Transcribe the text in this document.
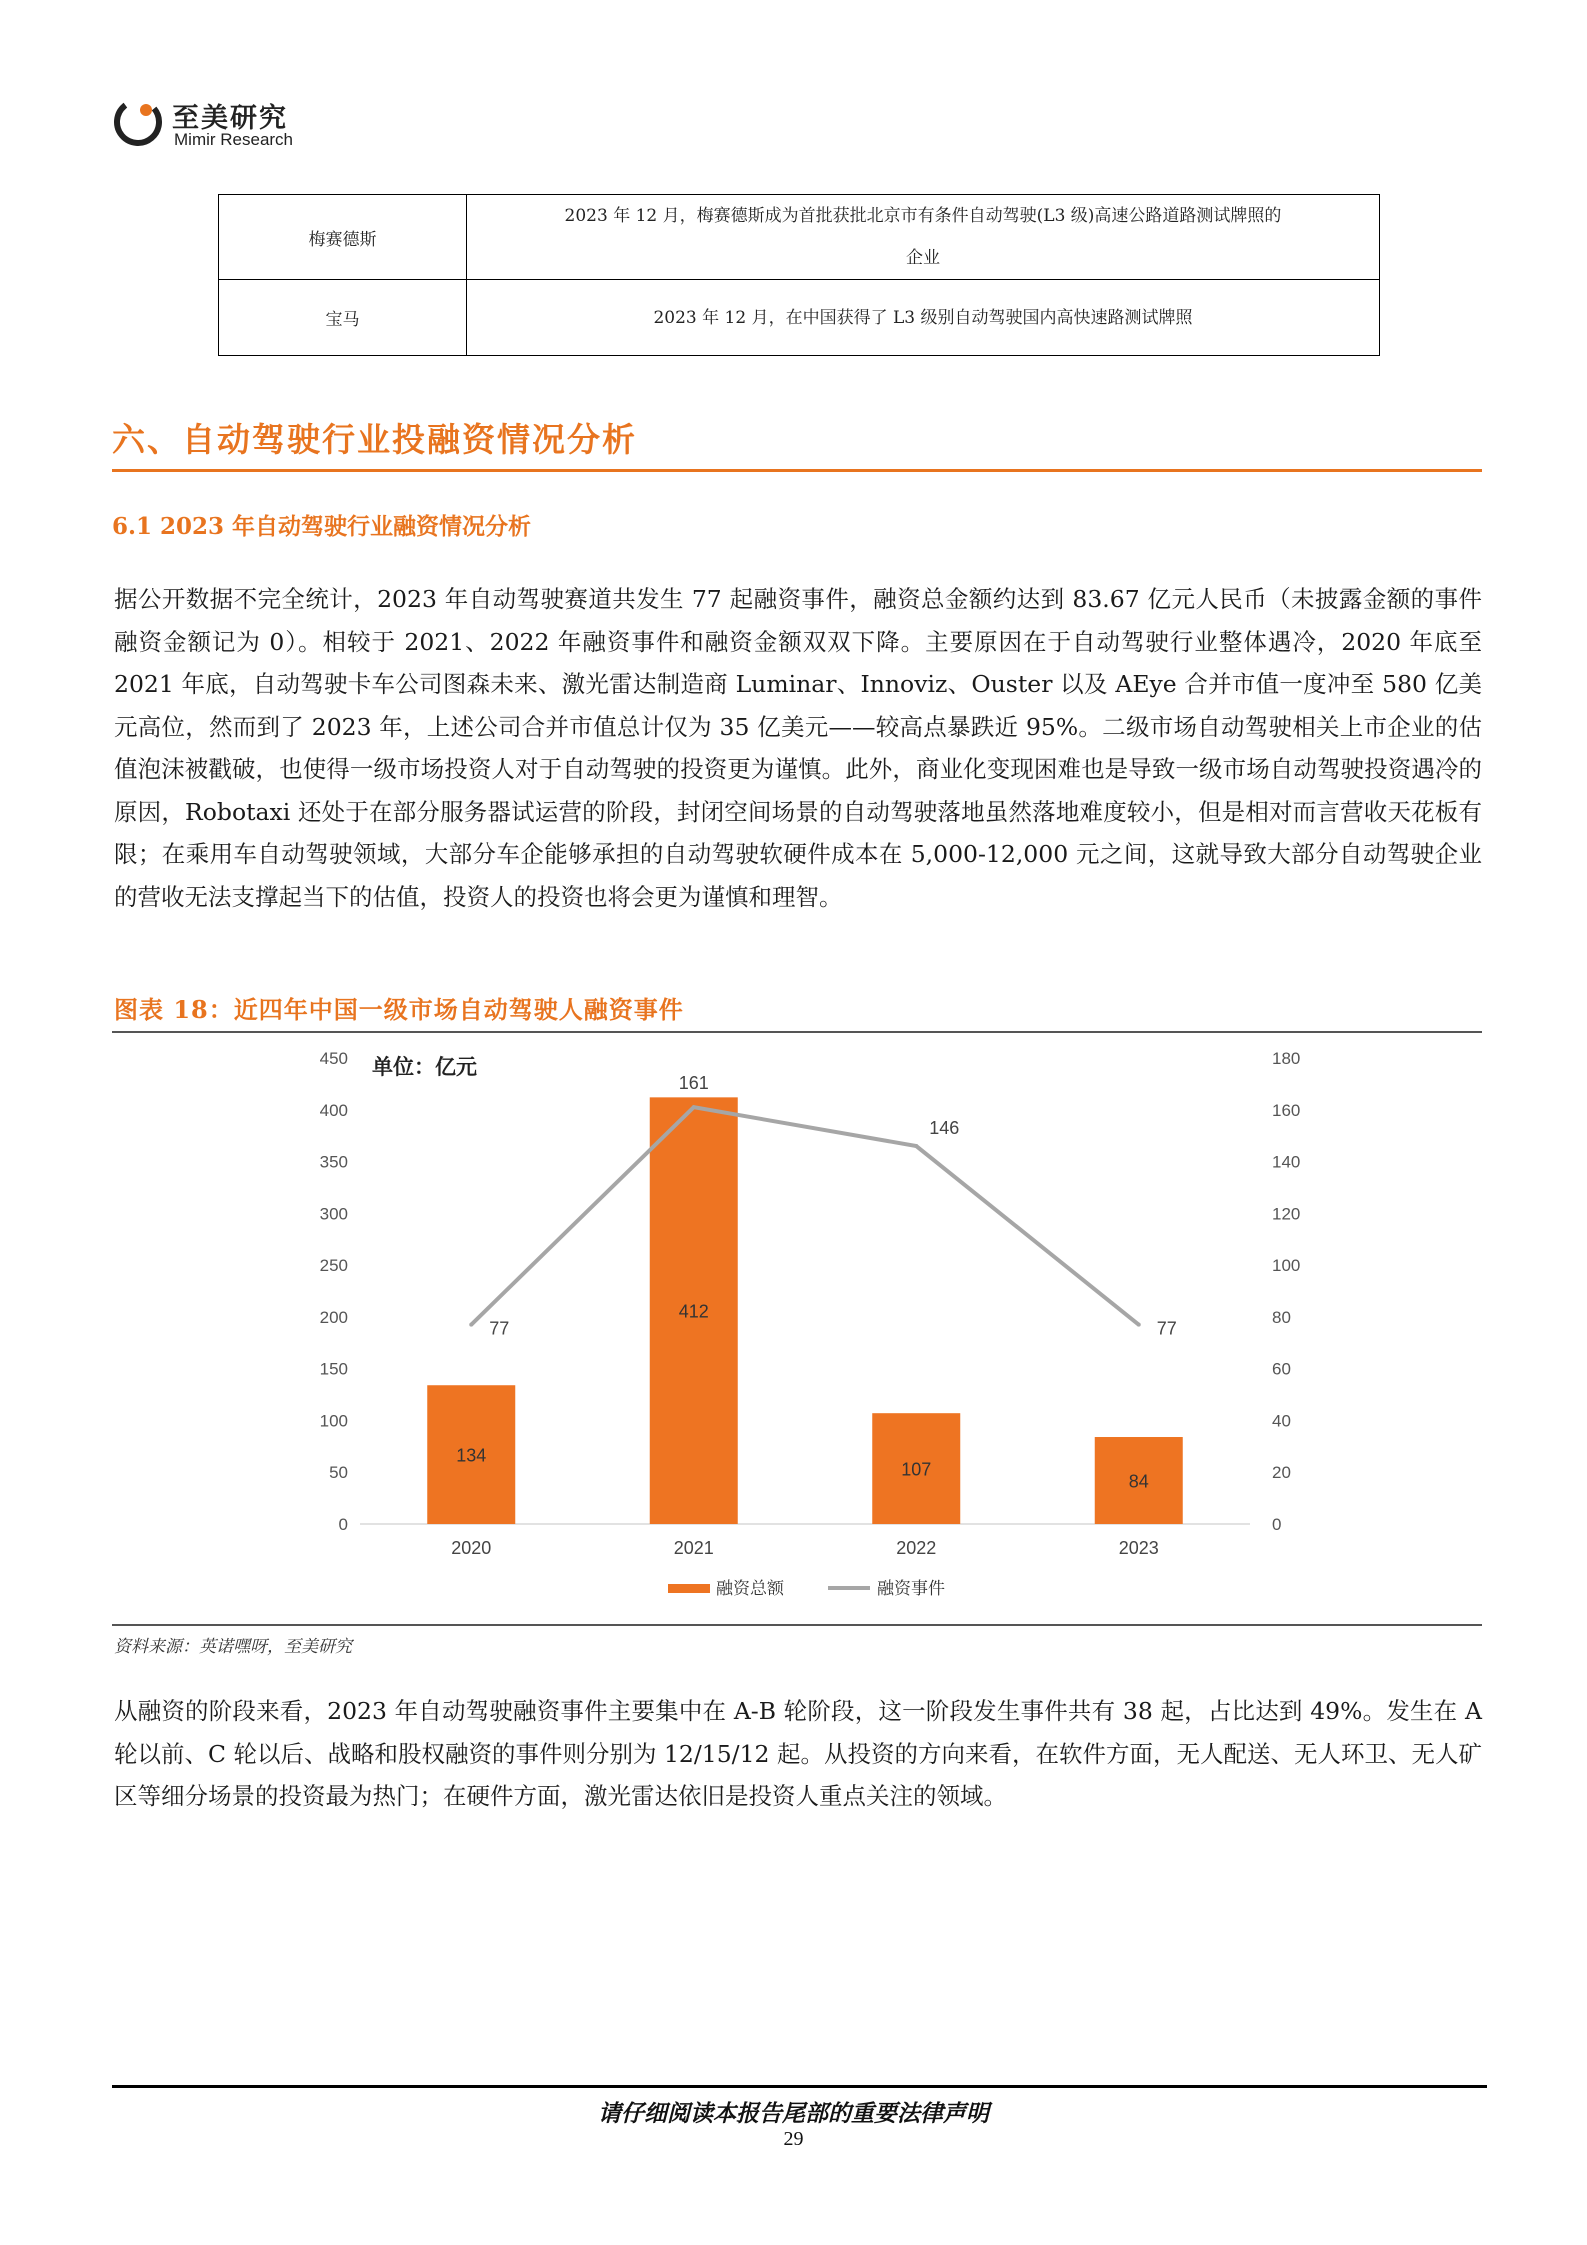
至美研究
Mimir Research
梅赛德斯	2023 年 12 月，梅赛德斯成为首批获批北京市有条件自动驾驶(L3 级)高速公路道路测试牌照的
企业

宝马	2023 年 12 月，在中国获得了 L3 级别自动驾驶国内高快速路测试牌照
六、自动驾驶行业投融资情况分析
6.1 2023 年自动驾驶行业融资情况分析
据公开数据不完全统计，2023 年自动驾驶赛道共发生 77 起融资事件，融资总金额约达到 83.67 亿元人民币（未披露金额的事件融资金额记为 0）。相较于 2021、2022 年融资事件和融资金额双双下降。主要原因在于自动驾驶行业整体遇冷，2020 年底至 2021 年底，自动驾驶卡车公司图森未来、激光雷达制造商 Luminar、Innoviz、Ouster 以及 AEye 合并市值一度冲至 580 亿美元高位，然而到了 2023 年，上述公司合并市值总计仅为 35 亿美元——较高点暴跌近 95%。二级市场自动驾驶相关上市企业的估值泡沫被戳破，也使得一级市场投资人对于自动驾驶的投资更为谨慎。此外，商业化变现困难也是导致一级市场自动驾驶投资遇冷的原因，Robotaxi 还处于在部分服务器试运营的阶段，封闭空间场景的自动驾驶落地虽然落地难度较小，但是相对而言营收天花板有限；在乘用车自动驾驶领域，大部分车企能够承担的自动驾驶软硬件成本在 5,000-12,000 元之间，这就导致大部分自动驾驶企业的营收无法支撑起当下的估值，投资人的投资也将会更为谨慎和理智。
图表 18：近四年中国一级市场自动驾驶人融资事件
0
50
100
150
200
250
300
350
400
450
0
20
40
60
80
100
120
140
160
180
134
412
107
84
77
161
146
77
2020	2021	2022	2023
单位：亿元
融资总额	融资事件
资料来源：英诺嘿呀，至美研究
从融资的阶段来看，2023 年自动驾驶融资事件主要集中在 A-B 轮阶段，这一阶段发生事件共有 38 起，占比达到 49%。发生在 A 轮以前、C 轮以后、战略和股权融资的事件则分别为 12/15/12 起。从投资的方向来看，在软件方面，无人配送、无人环卫、无人矿区等细分场景的投资最为热门；在硬件方面，激光雷达依旧是投资人重点关注的领域。
请仔细阅读本报告尾部的重要法律声明
29
